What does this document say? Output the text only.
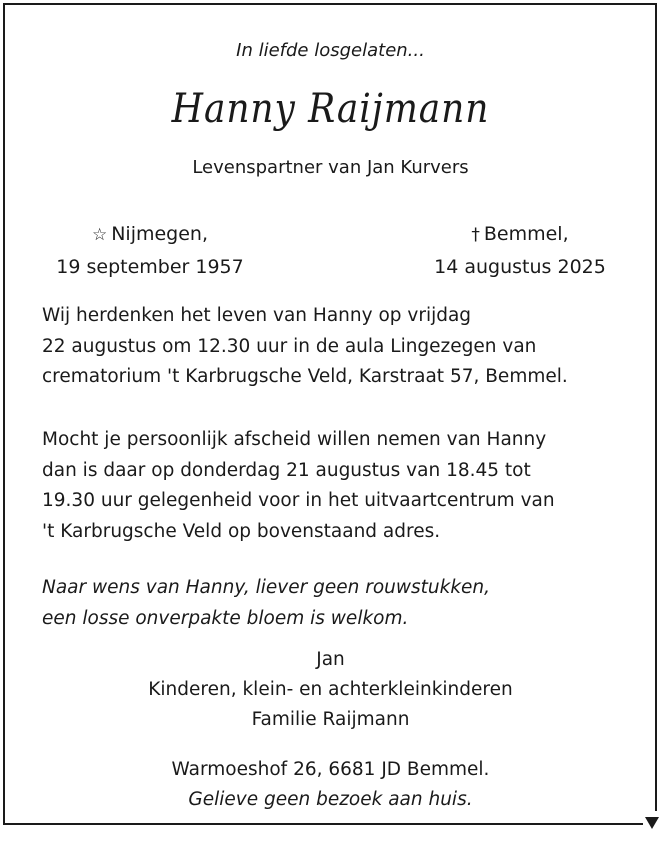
In liefde losgelaten...
Hanny Raijmann
Levenspartner van Jan Kurvers
☆ Nijmegen,
19 september 1957
† Bemmel,
14 augustus 2025
Wij herdenken het leven van Hanny op vrijdag
22 augustus om 12.30 uur in de aula Lingezegen van
crematorium 't Karbrugsche Veld, Karstraat 57, Bemmel.
Mocht je persoonlijk afscheid willen nemen van Hanny
dan is daar op donderdag 21 augustus van 18.45 tot
19.30 uur gelegenheid voor in het uitvaartcentrum van
't Karbrugsche Veld op bovenstaand adres.
Naar wens van Hanny, liever geen rouwstukken,
een losse onverpakte bloem is welkom.
Jan
Kinderen, klein- en achterkleinkinderen
Familie Raijmann
Warmoeshof 26, 6681 JD Bemmel.
Gelieve geen bezoek aan huis.
